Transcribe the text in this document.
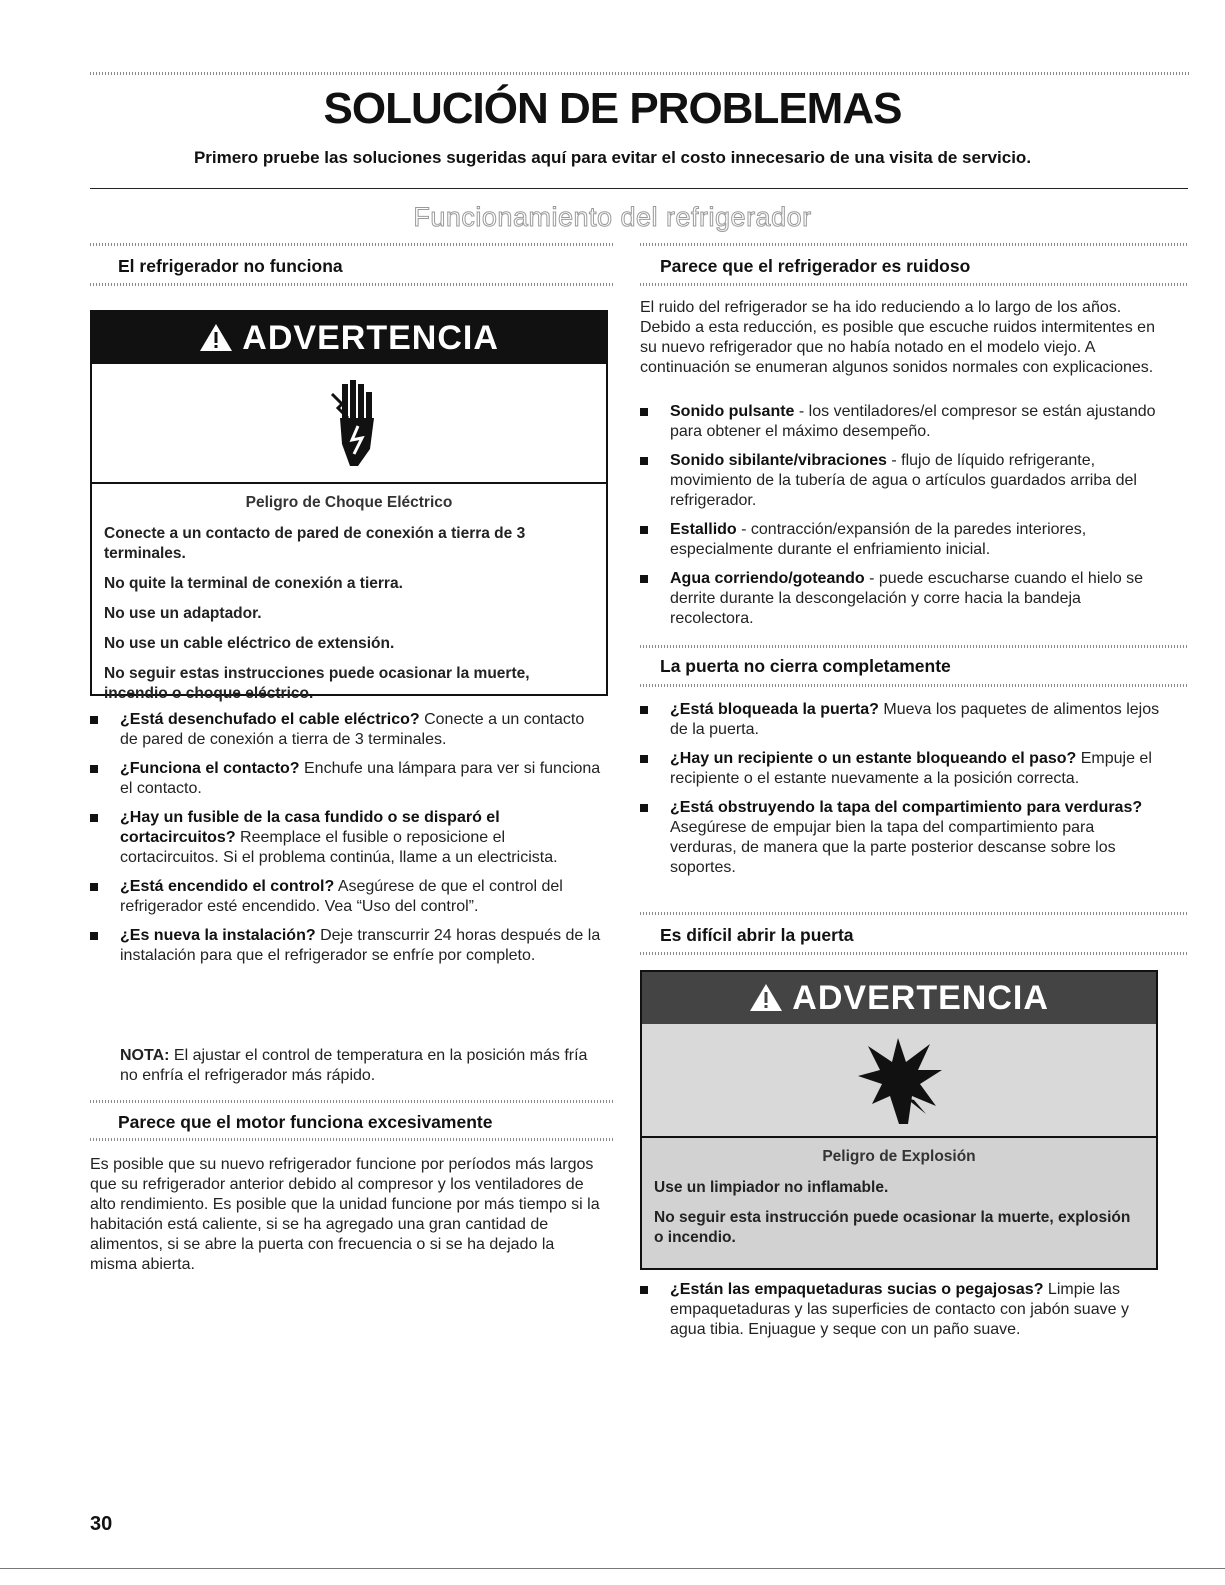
SOLUCIÓN DE PROBLEMAS
Primero pruebe las soluciones sugeridas aquí para evitar el costo innecesario de una visita de servicio.
Funcionamiento del refrigerador
El refrigerador no funciona
ADVERTENCIA
Peligro de Choque Eléctrico
Conecte a un contacto de pared de conexión a tierra de 3 terminales.
No quite la terminal de conexión a tierra.
No use un adaptador.
No use un cable eléctrico de extensión.
No seguir estas instrucciones puede ocasionar la muerte, incendio o choque eléctrico.
¿Está desenchufado el cable eléctrico? Conecte a un contacto de pared de conexión a tierra de 3 terminales.
¿Funciona el contacto? Enchufe una lámpara para ver si funciona el contacto.
¿Hay un fusible de la casa fundido o se disparó el cortacircuitos? Reemplace el fusible o reposicione el cortacircuitos. Si el problema continúa, llame a un electricista.
¿Está encendido el control? Asegúrese de que el control del refrigerador esté encendido. Vea “Uso del control”.
¿Es nueva la instalación? Deje transcurrir 24 horas después de la instalación para que el refrigerador se enfríe por completo.
NOTA: El ajustar el control de temperatura en la posición más fría no enfría el refrigerador más rápido.
Parece que el motor funciona excesivamente
Es posible que su nuevo refrigerador funcione por períodos más largos que su refrigerador anterior debido al compresor y los ventiladores de alto rendimiento. Es posible que la unidad funcione por más tiempo si la habitación está caliente, si se ha agregado una gran cantidad de alimentos, si se abre la puerta con frecuencia o si se ha dejado la misma abierta.
Parece que el refrigerador es ruidoso
El ruido del refrigerador se ha ido reduciendo a lo largo de los años. Debido a esta reducción, es posible que escuche ruidos intermitentes en su nuevo refrigerador que no había notado en el modelo viejo. A continuación se enumeran algunos sonidos normales con explicaciones.
Sonido pulsante - los ventiladores/el compresor se están ajustando para obtener el máximo desempeño.
Sonido sibilante/vibraciones - flujo de líquido refrigerante, movimiento de la tubería de agua o artículos guardados arriba del refrigerador.
Estallido - contracción/expansión de la paredes interiores, especialmente durante el enfriamiento inicial.
Agua corriendo/goteando - puede escucharse cuando el hielo se derrite durante la descongelación y corre hacia la bandeja recolectora.
La puerta no cierra completamente
¿Está bloqueada la puerta? Mueva los paquetes de alimentos lejos de la puerta.
¿Hay un recipiente o un estante bloqueando el paso? Empuje el recipiente o el estante nuevamente a la posición correcta.
¿Está obstruyendo la tapa del compartimiento para verduras? Asegúrese de empujar bien la tapa del compartimiento para verduras, de manera que la parte posterior descanse sobre los soportes.
Es difícil abrir la puerta
ADVERTENCIA
Peligro de Explosión
Use un limpiador no inflamable.
No seguir esta instrucción puede ocasionar la muerte, explosión o incendio.
¿Están las empaquetaduras sucias o pegajosas? Limpie las empaquetaduras y las superficies de contacto con jabón suave y agua tibia. Enjuague y seque con un paño suave.
30
